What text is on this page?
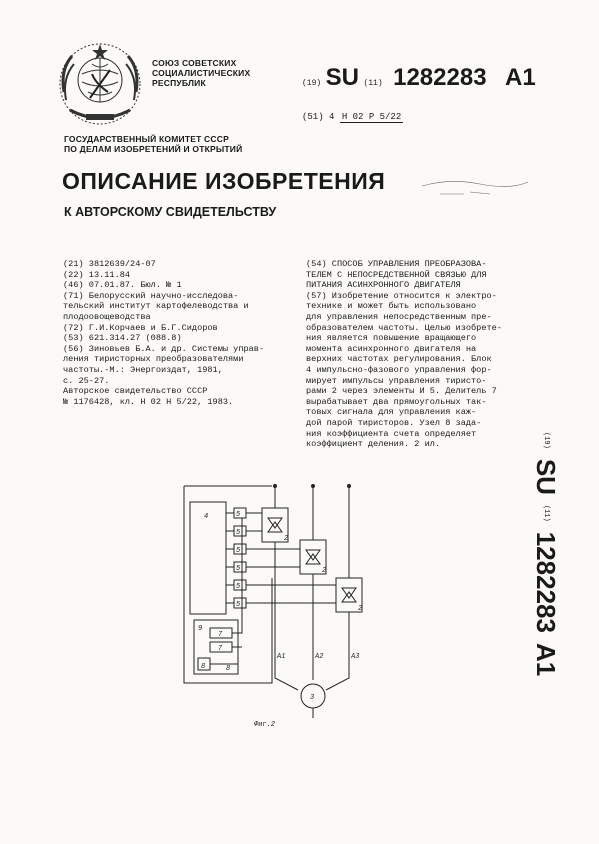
СОЮЗ СОВЕТСКИХ
СОЦИАЛИСТИЧЕСКИХ
РЕСПУБЛИК
ГОСУДАРСТВЕННЫЙ КОМИТЕТ СССР
ПО ДЕЛАМ ИЗОБРЕТЕНИЙ И ОТКРЫТИЙ
(19) SU (11) 1282283 A1
(51) 4 Н 02 Р 5/22
ОПИСАНИЕ ИЗОБРЕТЕНИЯ
К АВТОРСКОМУ СВИДЕТЕЛЬСТВУ
(21) 3812639/24-07
(22) 13.11.84
(46) 07.01.87. Бюл. № 1
(71) Белорусский научно-исследова-
тельский институт картофелеводства и
плодоовощеводства
(72) Г.И.Корчаев и Б.Г.Сидоров
(53) 621.314.27 (088.8)
(56) Зиновьев Б.А. и др. Системы управ-
ления тиристорных преобразователями
частоты.-М.: Энергоиздат, 1981,
с. 25-27.
Авторское свидетельство СССР
№ 1176428, кл. Н 02 Н 5/22, 1983.
(54) СПОСОБ УПРАВЛЕНИЯ ПРЕОБРАЗОВА-
ТЕЛЕМ С НЕПОСРЕДСТВЕННОЙ СВЯЗЬЮ ДЛЯ
ПИТАНИЯ АСИНХРОННОГО ДВИГАТЕЛЯ
(57) Изобретение относится к электро-
технике и может быть использовано
для управления непосредственным пре-
образователем частоты. Целью изобрете-
ния является повышение вращающего
момента асинхронного двигателя на
верхних частотах регулирования. Блок
4 импульсно-фазового управления фор-
мирует импульсы управления тиристо-
рами 2 через элементы И 5. Делитель 7
вырабатывает два прямоугольных так-
товых сигнала для управления каж-
дой парой тиристоров. Узел 8 зада-
ния коэффициента счета определяет
коэффициент деления. 2 ил.	(19)
SU
(11)
1282283
A1
4	5
5
5
5
5
5
2
2
2
9
7
7
8	8
A1	A2	A3
3
Фиг.2
